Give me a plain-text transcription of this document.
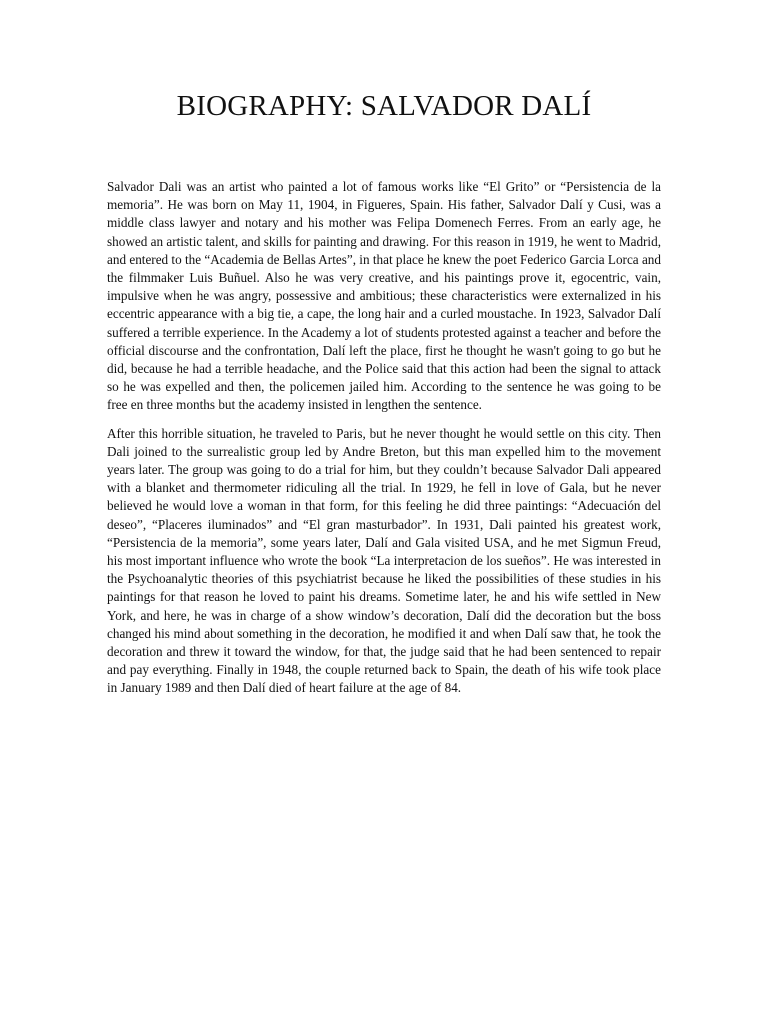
BIOGRAPHY: SALVADOR DALÍ

Salvador Dali was an artist who painted a lot of famous works like “El Grito” or “Persistencia de la memoria”. He was born on May 11, 1904, in Figueres, Spain. His father, Salvador Dalí y Cusi, was a middle class lawyer and notary and his mother was Felipa Domenech Ferres. From an early age, he showed an artistic talent, and skills for painting and drawing. For this reason in 1919, he went to Madrid, and entered to the “Academia de Bellas Artes”, in that place he knew the poet Federico Garcia Lorca and the filmmaker Luis Buñuel. Also he was very creative, and his paintings prove it, egocentric, vain, impulsive when he was angry, possessive and ambitious; these characteristics were externalized in his eccentric appearance with a big tie, a cape, the long hair and a curled moustache. In 1923, Salvador Dalí suffered a terrible experience. In the Academy a lot of students protested against a teacher and before the official discourse and the confrontation, Dalí left the place, first he thought he wasn't going to go but he did, because he had a terrible headache, and the Police said that this action had been the signal to attack so he was expelled and then, the policemen jailed him. According to the sentence he was going to be free en three months but the academy insisted in lengthen the sentence.

After this horrible situation, he traveled to Paris, but he never thought he would settle on this city. Then Dali joined to the surrealistic group led by Andre Breton, but this man expelled him to the movement years later. The group was going to do a trial for him, but they couldn’t because Salvador Dali appeared with a blanket and thermometer ridiculing all the trial. In 1929, he fell in love of Gala, but he never believed he would love a woman in that form, for this feeling he did three paintings: “Adecuación del deseo”, “Placeres iluminados” and “El gran masturbador”. In 1931, Dali painted his greatest work, “Persistencia de la memoria”, some years later, Dalí and Gala visited USA, and he met Sigmun Freud, his most important influence who wrote the book “La interpretacion de los sueños”. He was interested in the Psychoanalytic theories of this psychiatrist because he liked the possibilities of these studies in his paintings for that reason he loved to paint his dreams. Sometime later, he and his wife settled in New York, and here, he was in charge of a show window’s decoration, Dalí did the decoration but the boss changed his mind about something in the decoration, he modified it and when Dalí saw that, he took the decoration and threw it toward the window, for that, the judge said that he had been sentenced to repair and pay everything. Finally in 1948, the couple returned back to Spain, the death of his wife took place in January 1989 and then Dalí died of heart failure at the age of 84.
